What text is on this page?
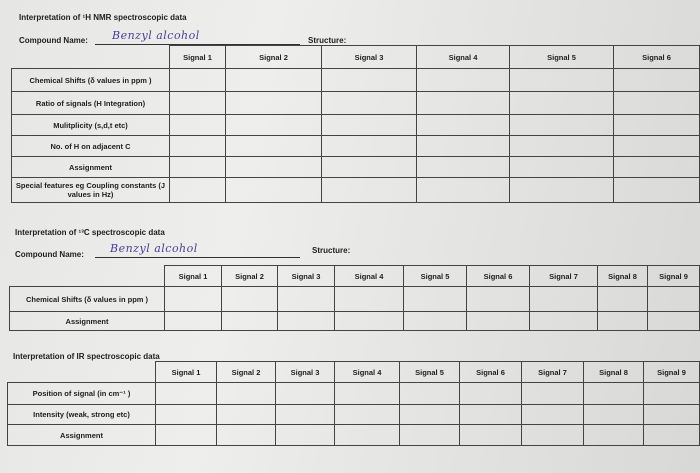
Interpretation of ¹H NMR spectroscopic data
Compound Name: Benzyl alcohol	Structure:
	Signal 1	Signal 2	Signal 3	Signal 4	Signal 5	Signal 6
Chemical Shifts (δ values in ppm )						
Ratio of signals (H Integration)						
Mulitplicity (s,d,t etc)						
No. of H on adjacent C						
Assignment						
Special features eg Coupling constants (J values in Hz)						
Interpretation of ¹³C spectroscopic data
Compound Name: Benzyl alcohol	Structure:
	Signal 1	Signal 2	Signal 3	Signal 4	Signal 5	Signal 6	Signal 7	Signal 8	Signal 9
Chemical Shifts (δ values in ppm )									
Assignment									
Interpretation of IR spectroscopic data
	Signal 1	Signal 2	Signal 3	Signal 4	Signal 5	Signal 6	Signal 7	Signal 8	Signal 9
Position of signal (in cm⁻¹ )									
Intensity (weak, strong etc)									
Assignment									
